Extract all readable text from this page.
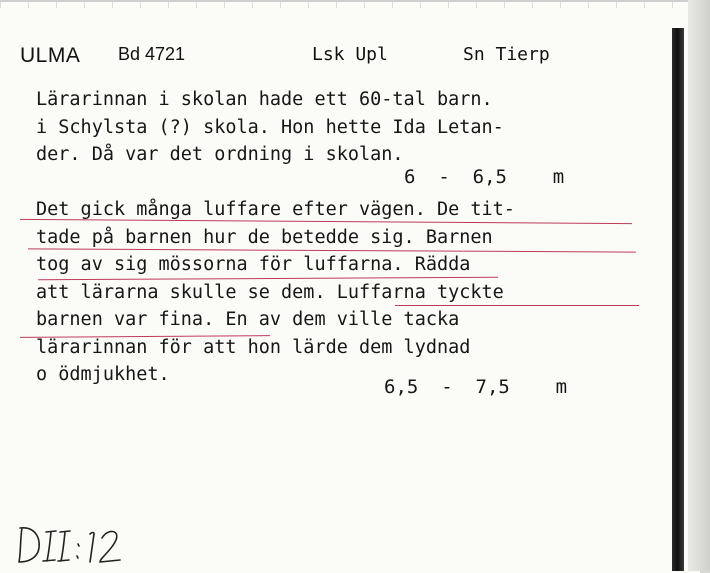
ULMA Bd 4721	Lsk Upl	Sn Tierp
Lärarinnan i skolan hade ett 60-tal barn.
i Schylsta (?) skola. Hon hette Ida Letan-
der. Då var det ordning i skolan.
Det gick många luffare efter vägen. De tit-
tade på barnen hur de betedde sig. Barnen
tog av sig mössorna för luffarna. Rädda
att lärarna skulle se dem. Luffarna tyckte
barnen var fina. En av dem ville tacka
lärarinnan för att hon lärde dem lydnad
o ödmjukhet.
6  -  6,5    m
6,5  -  7,5    m
